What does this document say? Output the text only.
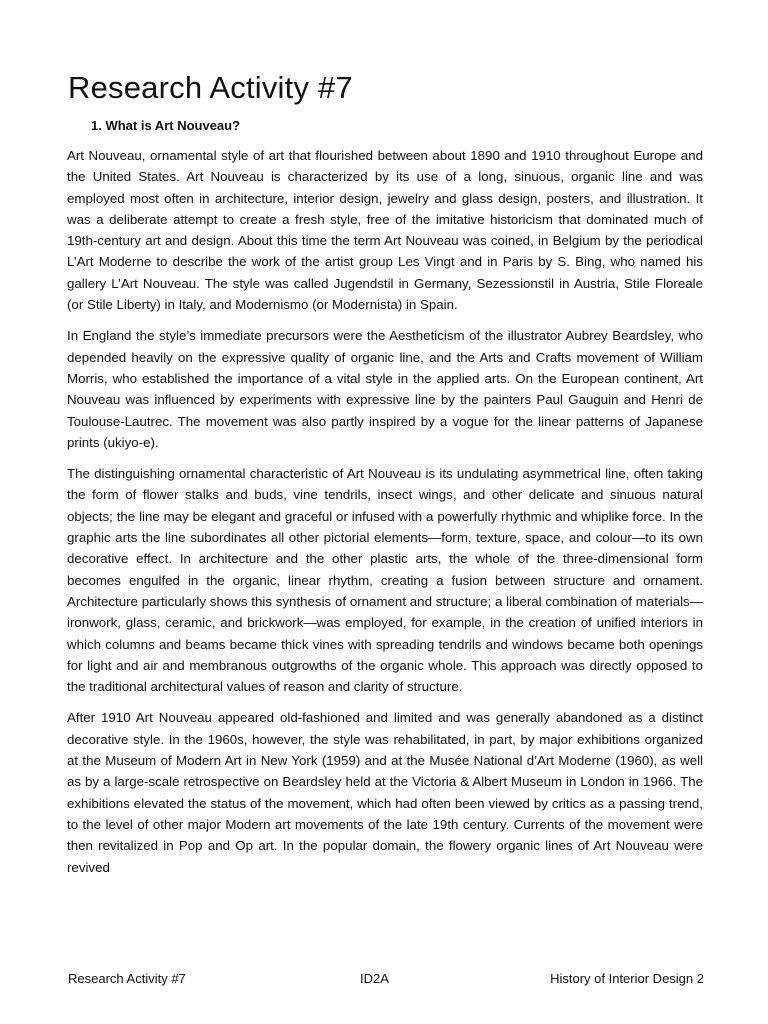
Research Activity #7
1. What is Art Nouveau?

Art Nouveau, ornamental style of art that flourished between about 1890 and 1910 throughout Europe and the United States. Art Nouveau is characterized by its use of a long, sinuous, organic line and was employed most often in architecture, interior design, jewelry and glass design, posters, and illustration. It was a deliberate attempt to create a fresh style, free of the imitative historicism that dominated much of 19th-century art and design. About this time the term Art Nouveau was coined, in Belgium by the periodical L’Art Moderne to describe the work of the artist group Les Vingt and in Paris by S. Bing, who named his gallery L’Art Nouveau. The style was called Jugendstil in Germany, Sezessionstil in Austria, Stile Floreale (or Stile Liberty) in Italy, and Modernismo (or Modernista) in Spain.

In England the style’s immediate precursors were the Aestheticism of the illustrator Aubrey Beardsley, who depended heavily on the expressive quality of organic line, and the Arts and Crafts movement of William Morris, who established the importance of a vital style in the applied arts. On the European continent, Art Nouveau was influenced by experiments with expressive line by the painters Paul Gauguin and Henri de Toulouse-Lautrec. The movement was also partly inspired by a vogue for the linear patterns of Japanese prints (ukiyo-e).

The distinguishing ornamental characteristic of Art Nouveau is its undulating asymmetrical line, often taking the form of flower stalks and buds, vine tendrils, insect wings, and other delicate and sinuous natural objects; the line may be elegant and graceful or infused with a powerfully rhythmic and whiplike force. In the graphic arts the line subordinates all other pictorial elements—form, texture, space, and colour—to its own decorative effect. In architecture and the other plastic arts, the whole of the three-dimensional form becomes engulfed in the organic, linear rhythm, creating a fusion between structure and ornament. Architecture particularly shows this synthesis of ornament and structure; a liberal combination of materials—ironwork, glass, ceramic, and brickwork—was employed, for example, in the creation of unified interiors in which columns and beams became thick vines with spreading tendrils and windows became both openings for light and air and membranous outgrowths of the organic whole. This approach was directly opposed to the traditional architectural values of reason and clarity of structure.

After 1910 Art Nouveau appeared old-fashioned and limited and was generally abandoned as a distinct decorative style. In the 1960s, however, the style was rehabilitated, in part, by major exhibitions organized at the Museum of Modern Art in New York (1959) and at the Musée National d’Art Moderne (1960), as well as by a large-scale retrospective on Beardsley held at the Victoria & Albert Museum in London in 1966. The exhibitions elevated the status of the movement, which had often been viewed by critics as a passing trend, to the level of other major Modern art movements of the late 19th century. Currents of the movement were then revitalized in Pop and Op art. In the popular domain, the flowery organic lines of Art Nouveau were revived

Research Activity #7	ID2A	History of Interior Design 2
